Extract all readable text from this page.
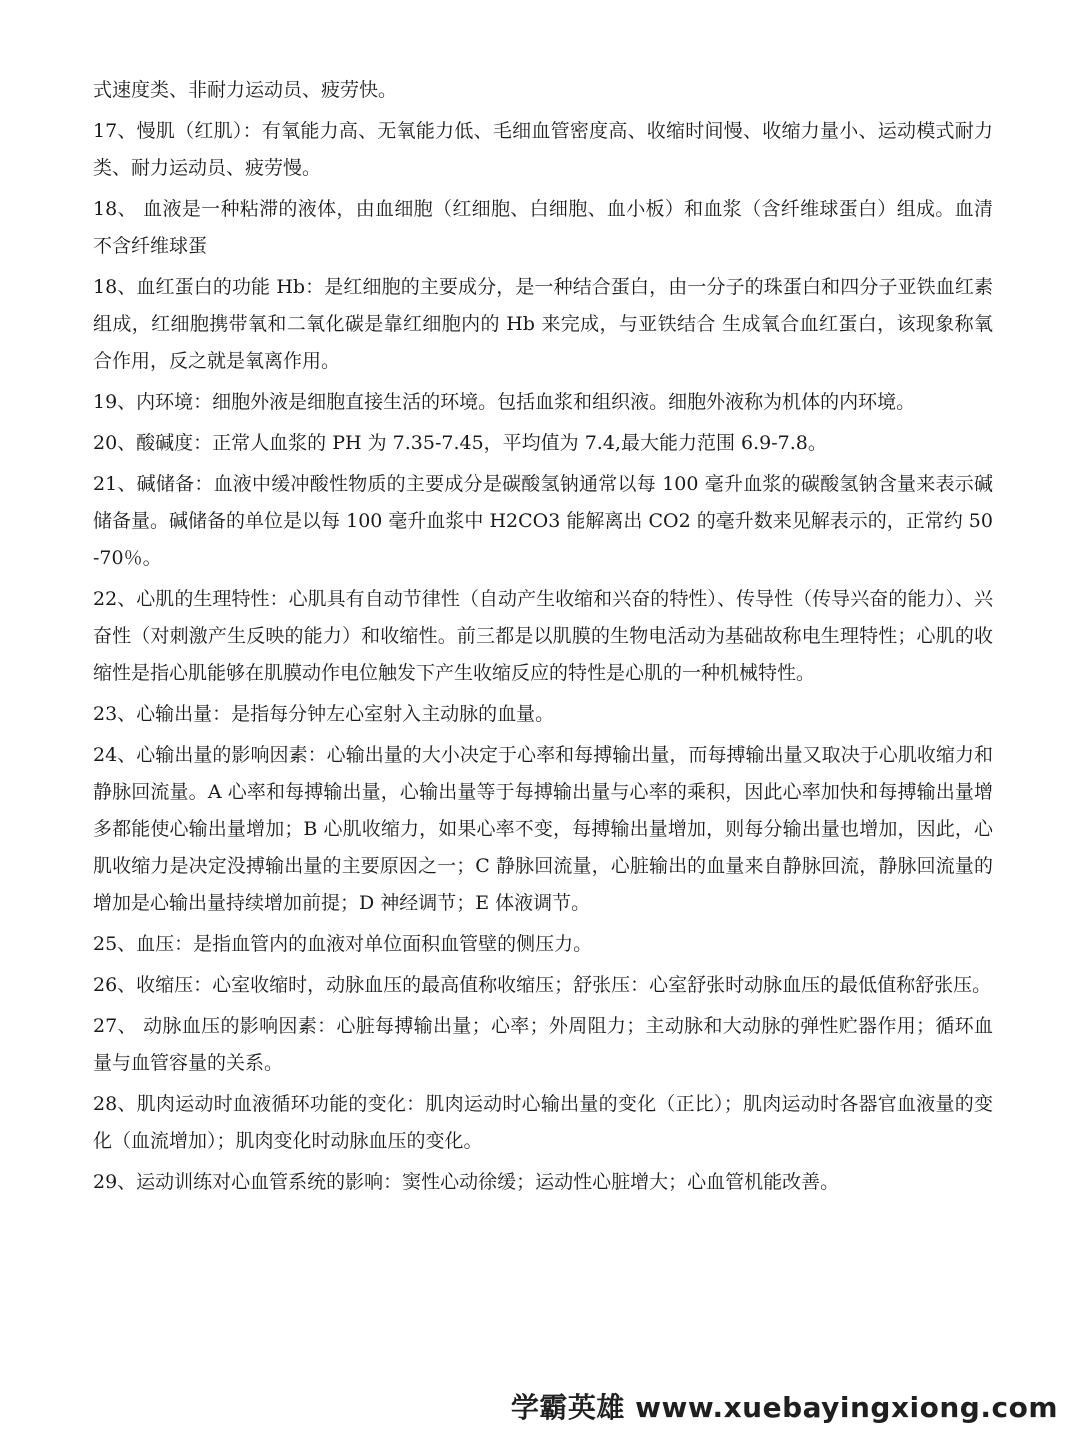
式速度类、非耐力运动员、疲劳快。

17、慢肌（红肌）：有氧能力高、无氧能力低、毛细血管密度高、收缩时间慢、收缩力量小、运动模式耐力类、耐力运动员、疲劳慢。

18、 血液是一种粘滞的液体，由血细胞（红细胞、白细胞、血小板）和血浆（含纤维球蛋白）组成。血清不含纤维球蛋

18、血红蛋白的功能 Hb：是红细胞的主要成分，是一种结合蛋白，由一分子的珠蛋白和四分子亚铁血红素组成，红细胞携带氧和二氧化碳是靠红细胞内的 Hb 来完成，与亚铁结合 生成氧合血红蛋白，该现象称氧合作用，反之就是氧离作用。

19、内环境：细胞外液是细胞直接生活的环境。包括血浆和组织液。细胞外液称为机体的内环境。

20、酸碱度：正常人血浆的 PH 为 7.35-7.45，平均值为 7.4,最大能力范围 6.9-7.8。

21、碱储备：血液中缓冲酸性物质的主要成分是碳酸氢钠通常以每 100 毫升血浆的碳酸氢钠含量来表示碱储备量。碱储备的单位是以每 100 毫升血浆中 H2CO3 能解离出 CO2 的毫升数来见解表示的，正常约 50-70％。

22、心肌的生理特性：心肌具有自动节律性（自动产生收缩和兴奋的特性）、传导性（传导兴奋的能力）、兴奋性（对刺激产生反映的能力）和收缩性。前三都是以肌膜的生物电活动为基础故称电生理特性；心肌的收缩性是指心肌能够在肌膜动作电位触发下产生收缩反应的特性是心肌的一种机械特性。

23、心输出量：是指每分钟左心室射入主动脉的血量。

24、心输出量的影响因素：心输出量的大小决定于心率和每搏输出量，而每搏输出量又取决于心肌收缩力和静脉回流量。A 心率和每搏输出量，心输出量等于每搏输出量与心率的乘积，因此心率加快和每搏输出量增多都能使心输出量增加；B 心肌收缩力，如果心率不变，每搏输出量增加，则每分输出量也增加，因此，心肌收缩力是决定没搏输出量的主要原因之一；C 静脉回流量，心脏输出的血量来自静脉回流，静脉回流量的增加是心输出量持续增加前提；D 神经调节；E 体液调节。

25、血压：是指血管内的血液对单位面积血管壁的侧压力。

26、收缩压：心室收缩时，动脉血压的最高值称收缩压；舒张压：心室舒张时动脉血压的最低值称舒张压。

27、 动脉血压的影响因素：心脏每搏输出量；心率；外周阻力；主动脉和大动脉的弹性贮器作用；循环血量与血管容量的关系。

28、肌肉运动时血液循环功能的变化：肌肉运动时心输出量的变化（正比）；肌肉运动时各器官血液量的变化（血流增加）；肌肉变化时动脉血压的变化。

29、运动训练对心血管系统的影响：窦性心动徐缓；运动性心脏增大；心血管机能改善。

学霸英雄 www.xuebayingxiong.com
